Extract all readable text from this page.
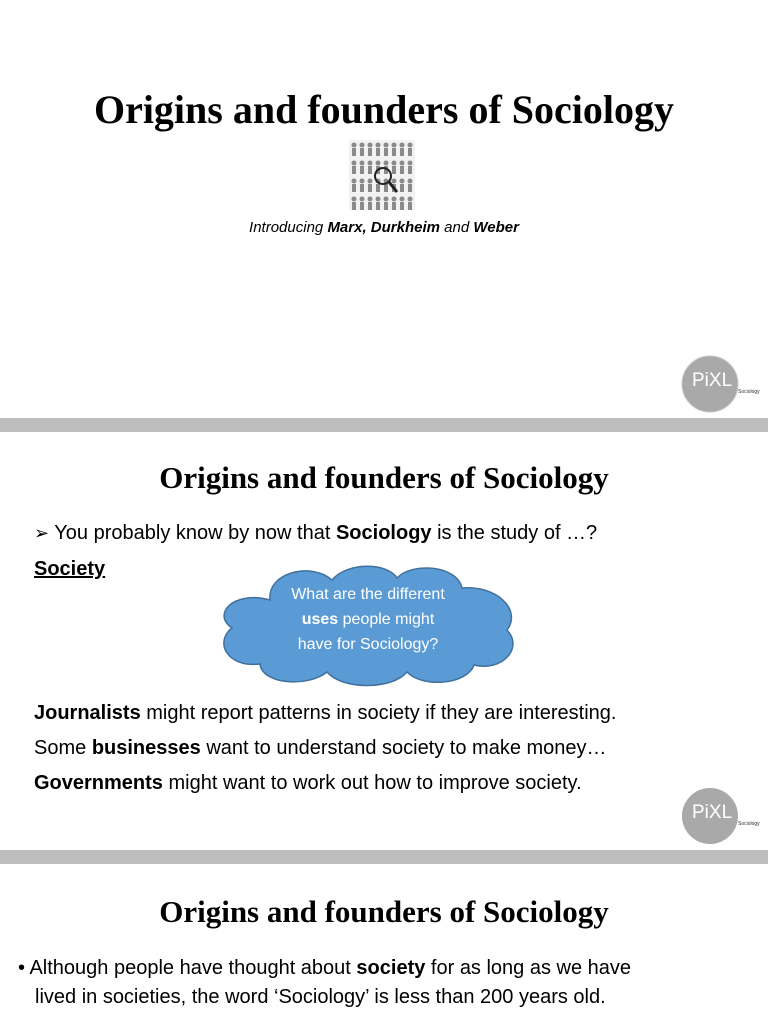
Origins and founders of Sociology
Introducing Marx, Durkheim and Weber
PiXL
Sociology
Origins and founders of Sociology
➢ You probably know by now that Sociology is the study of …?
Society
What are the different
uses people might
have for Sociology?
Journalists might report patterns in society if they are interesting.
Some businesses want to understand society to make money…
Governments might want to work out how to improve society.
PiXL
Sociology
Origins and founders of Sociology
• Although people have thought about society for as long as we have
lived in societies, the word ‘Sociology’ is less than 200 years old.
